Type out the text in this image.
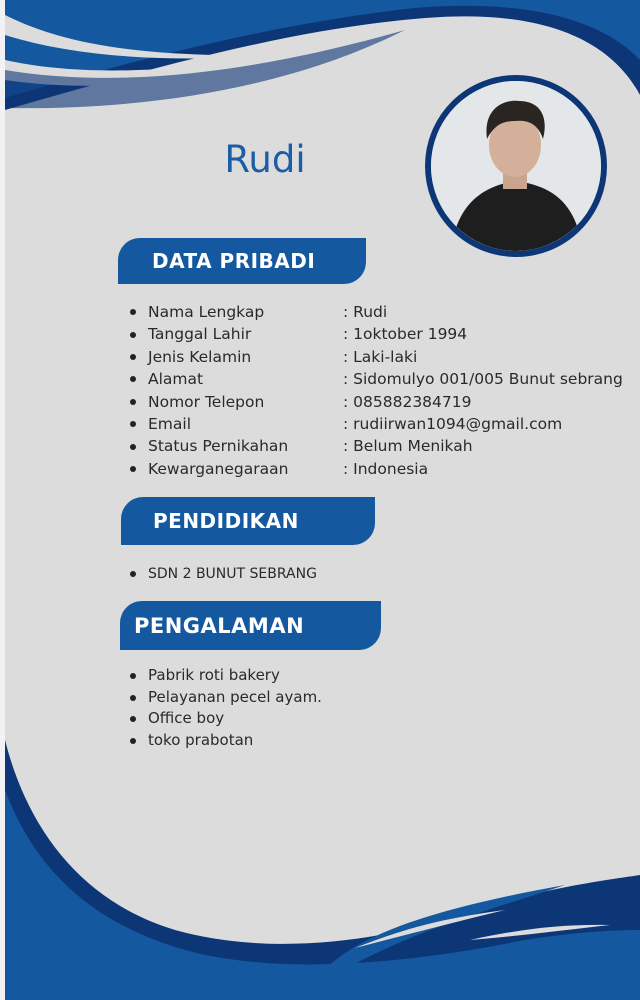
Rudi
DATA PRIBADI
Nama Lengkap	: Rudi
Tanggal Lahir	: 1oktober 1994
Jenis Kelamin	: Laki-laki
Alamat	: Sidomulyo 001/005 Bunut sebrang
Nomor Telepon	: 085882384719
Email	: rudiirwan1094@gmail.com
Status Pernikahan	: Belum Menikah
Kewarganegaraan	: Indonesia
PENDIDIKAN
SDN 2 BUNUT SEBRANG
PENGALAMAN
Pabrik roti bakery
Pelayanan pecel ayam.
Office boy
toko prabotan
